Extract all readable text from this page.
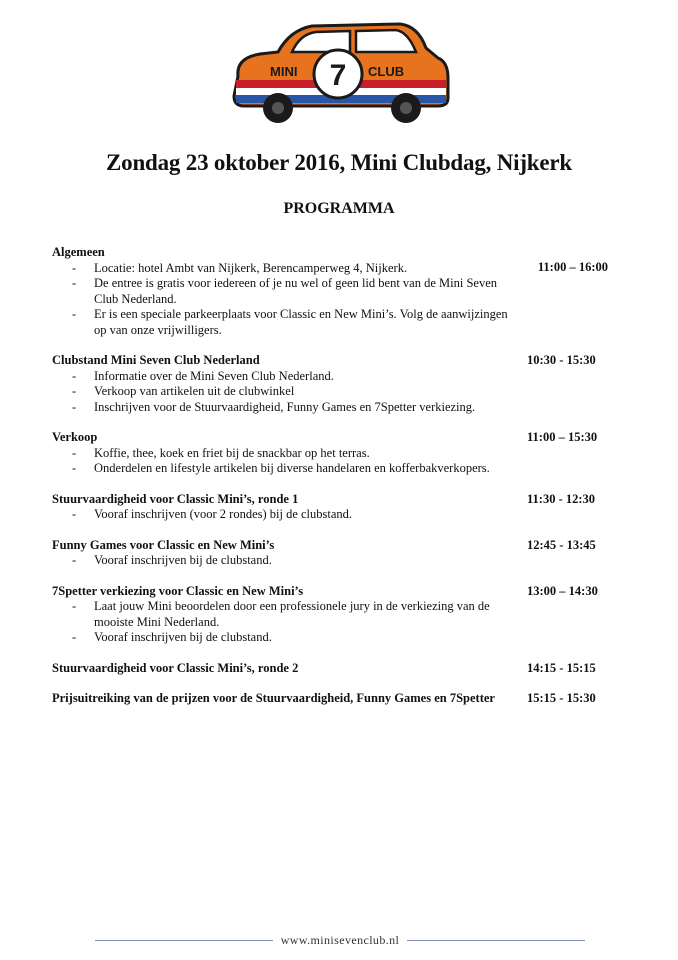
MINI 7 CLUB
Zondag 23 oktober 2016, Mini Clubdag, Nijkerk
PROGRAMMA
Algemeen
11:00 – 16:00
- Locatie: hotel Ambt van Nijkerk, Berencamperweg 4, Nijkerk.
- De entree is gratis voor iedereen of je nu wel of geen lid bent van de Mini Seven Club Nederland.
- Er is een speciale parkeerplaats voor Classic en New Mini’s. Volg de aanwijzingen op van onze vrijwilligers.
Clubstand Mini Seven Club Nederland	10:30 - 15:30
- Informatie over de Mini Seven Club Nederland.
- Verkoop van artikelen uit de clubwinkel
- Inschrijven voor de Stuurvaardigheid, Funny Games en 7Spetter verkiezing.
Verkoop	11:00 – 15:30
- Koffie, thee, koek en friet bij de snackbar op het terras.
- Onderdelen en lifestyle artikelen bij diverse handelaren en kofferbakverkopers.
Stuurvaardigheid voor Classic Mini’s, ronde 1	11:30 - 12:30
- Vooraf inschrijven (voor 2 rondes) bij de clubstand.
Funny Games voor Classic en New Mini’s	12:45 - 13:45
- Vooraf inschrijven bij de clubstand.
7Spetter verkiezing voor Classic en New Mini’s	13:00 – 14:30
- Laat jouw Mini beoordelen door een professionele jury in de verkiezing van de mooiste Mini Nederland.
- Vooraf inschrijven bij de clubstand.
Stuurvaardigheid voor Classic Mini’s, ronde 2	14:15 - 15:15
Prijsuitreiking van de prijzen voor de Stuurvaardigheid, Funny Games en 7Spetter	15:15 - 15:30
www.minisevenclub.nl
